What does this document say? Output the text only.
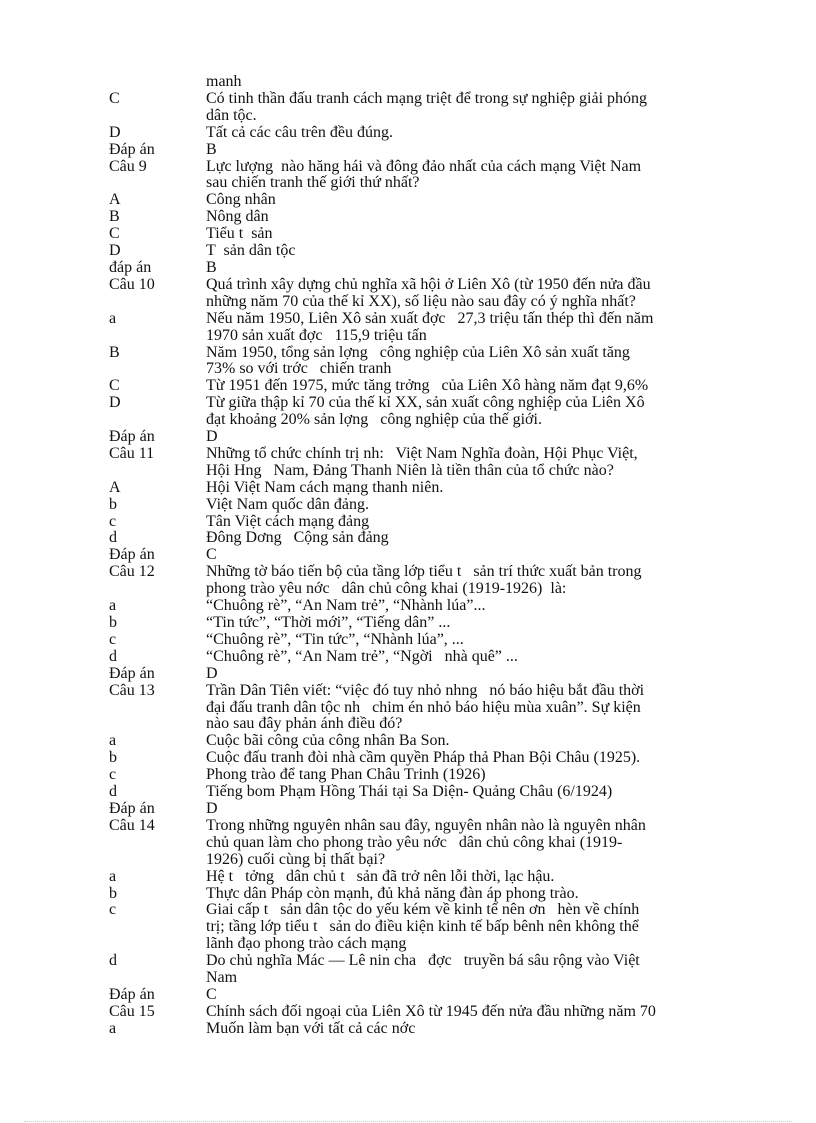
manh
C	Có tinh thần đấu tranh cách mạng triệt để trong sự nghiệp giải phóng
dân tộc.
D	Tất cả các câu trên đều đúng.
Đáp án	B
Câu 9	Lực lượng  nào hăng hái và đông đảo nhất của cách mạng Việt Nam
sau chiến tranh thế giới thứ nhất?
A	Công nhân
B	Nông dân
C	Tiểu t  sản
D	T  sản dân tộc
đáp án	B
Câu 10	Quá trình xây dựng chủ nghĩa xã hội ở Liên Xô (từ 1950 đến nửa đầu
những năm 70 của thế kỉ XX), số liệu nào sau đây có ý nghĩa nhất?
a	Nếu năm 1950, Liên Xô sản xuất đợc   27,3 triệu tấn thép thì đến năm
1970 sản xuất đợc   115,9 triệu tấn
B	Năm 1950, tổng sản lợng   công nghiệp của Liên Xô sản xuất tăng
73% so với trớc   chiến tranh
C	Từ 1951 đến 1975, mức tăng trởng   của Liên Xô hàng năm đạt 9,6%
D	Từ giữa thập kỉ 70 của thế kỉ XX, sản xuất công nghiệp của Liên Xô
đạt khoảng 20% sản lợng   công nghiệp của thế giới.
Đáp án	D
Câu 11	Những tổ chức chính trị nh:   Việt Nam Nghĩa đoàn, Hội Phục Việt,
Hội Hng   Nam, Đảng Thanh Niên là tiền thân của tổ chức nào?
A	Hội Việt Nam cách mạng thanh niên.
b	Việt Nam quốc dân đảng.
c	Tân Việt cách mạng đảng
d	Đông Dơng   Cộng sản đảng
Đáp án	C
Câu 12	Những tờ báo tiến bộ của tầng lớp tiểu t   sản trí thức xuất bản trong
phong trào yêu nớc   dân chủ công khai (1919-1926)  là:
a	“Chuông rè”, “An Nam trẻ”, “Nhành lúa”...
b	“Tin tức”, “Thời mới”, “Tiếng dân” ...
c	“Chuông rè”, “Tin tức”, “Nhành lúa”, ...
d	“Chuông rè”, “An Nam trẻ”, “Ngời   nhà quê” ...
Đáp án	D
Câu 13	Trần Dân Tiên viết: “việc đó tuy nhỏ nhng   nó báo hiệu bắt đầu thời
đại đấu tranh dân tộc nh   chim én nhỏ báo hiệu mùa xuân”. Sự kiện
nào sau đây phản ánh điều đó?
a	Cuộc bãi công của công nhân Ba Son.
b	Cuộc đấu tranh đòi nhà cầm quyền Pháp thả Phan Bội Châu (1925).
c	Phong trào để tang Phan Châu Trinh (1926)
d	Tiếng bom Phạm Hồng Thái tại Sa Diện- Quảng Châu (6/1924)
Đáp án	D
Câu 14	Trong những nguyên nhân sau đây, nguyên nhân nào là nguyên nhân
chủ quan làm cho phong trào yêu nớc   dân chủ công khai (1919-
1926) cuối cùng bị thất bại?
a	Hệ t   tởng   dân chủ t   sản đã trở nên lỗi thời, lạc hậu.
b	Thực dân Pháp còn mạnh, đủ khả năng đàn áp phong trào.
c	Giai cấp t   sản dân tộc do yếu kém về kinh tế nên ơn   hèn về chính
trị; tầng lớp tiểu t   sản do điều kiện kinh tế bấp bênh nên không thể
lãnh đạo phong trào cách mạng
d	Do chủ nghĩa Mác — Lê nin cha   đợc   truyền bá sâu rộng vào Việt
Nam
Đáp án	C
Câu 15	Chính sách đối ngoại của Liên Xô từ 1945 đến nửa đầu những năm 70
a	Muốn làm bạn với tất cả các nớc
